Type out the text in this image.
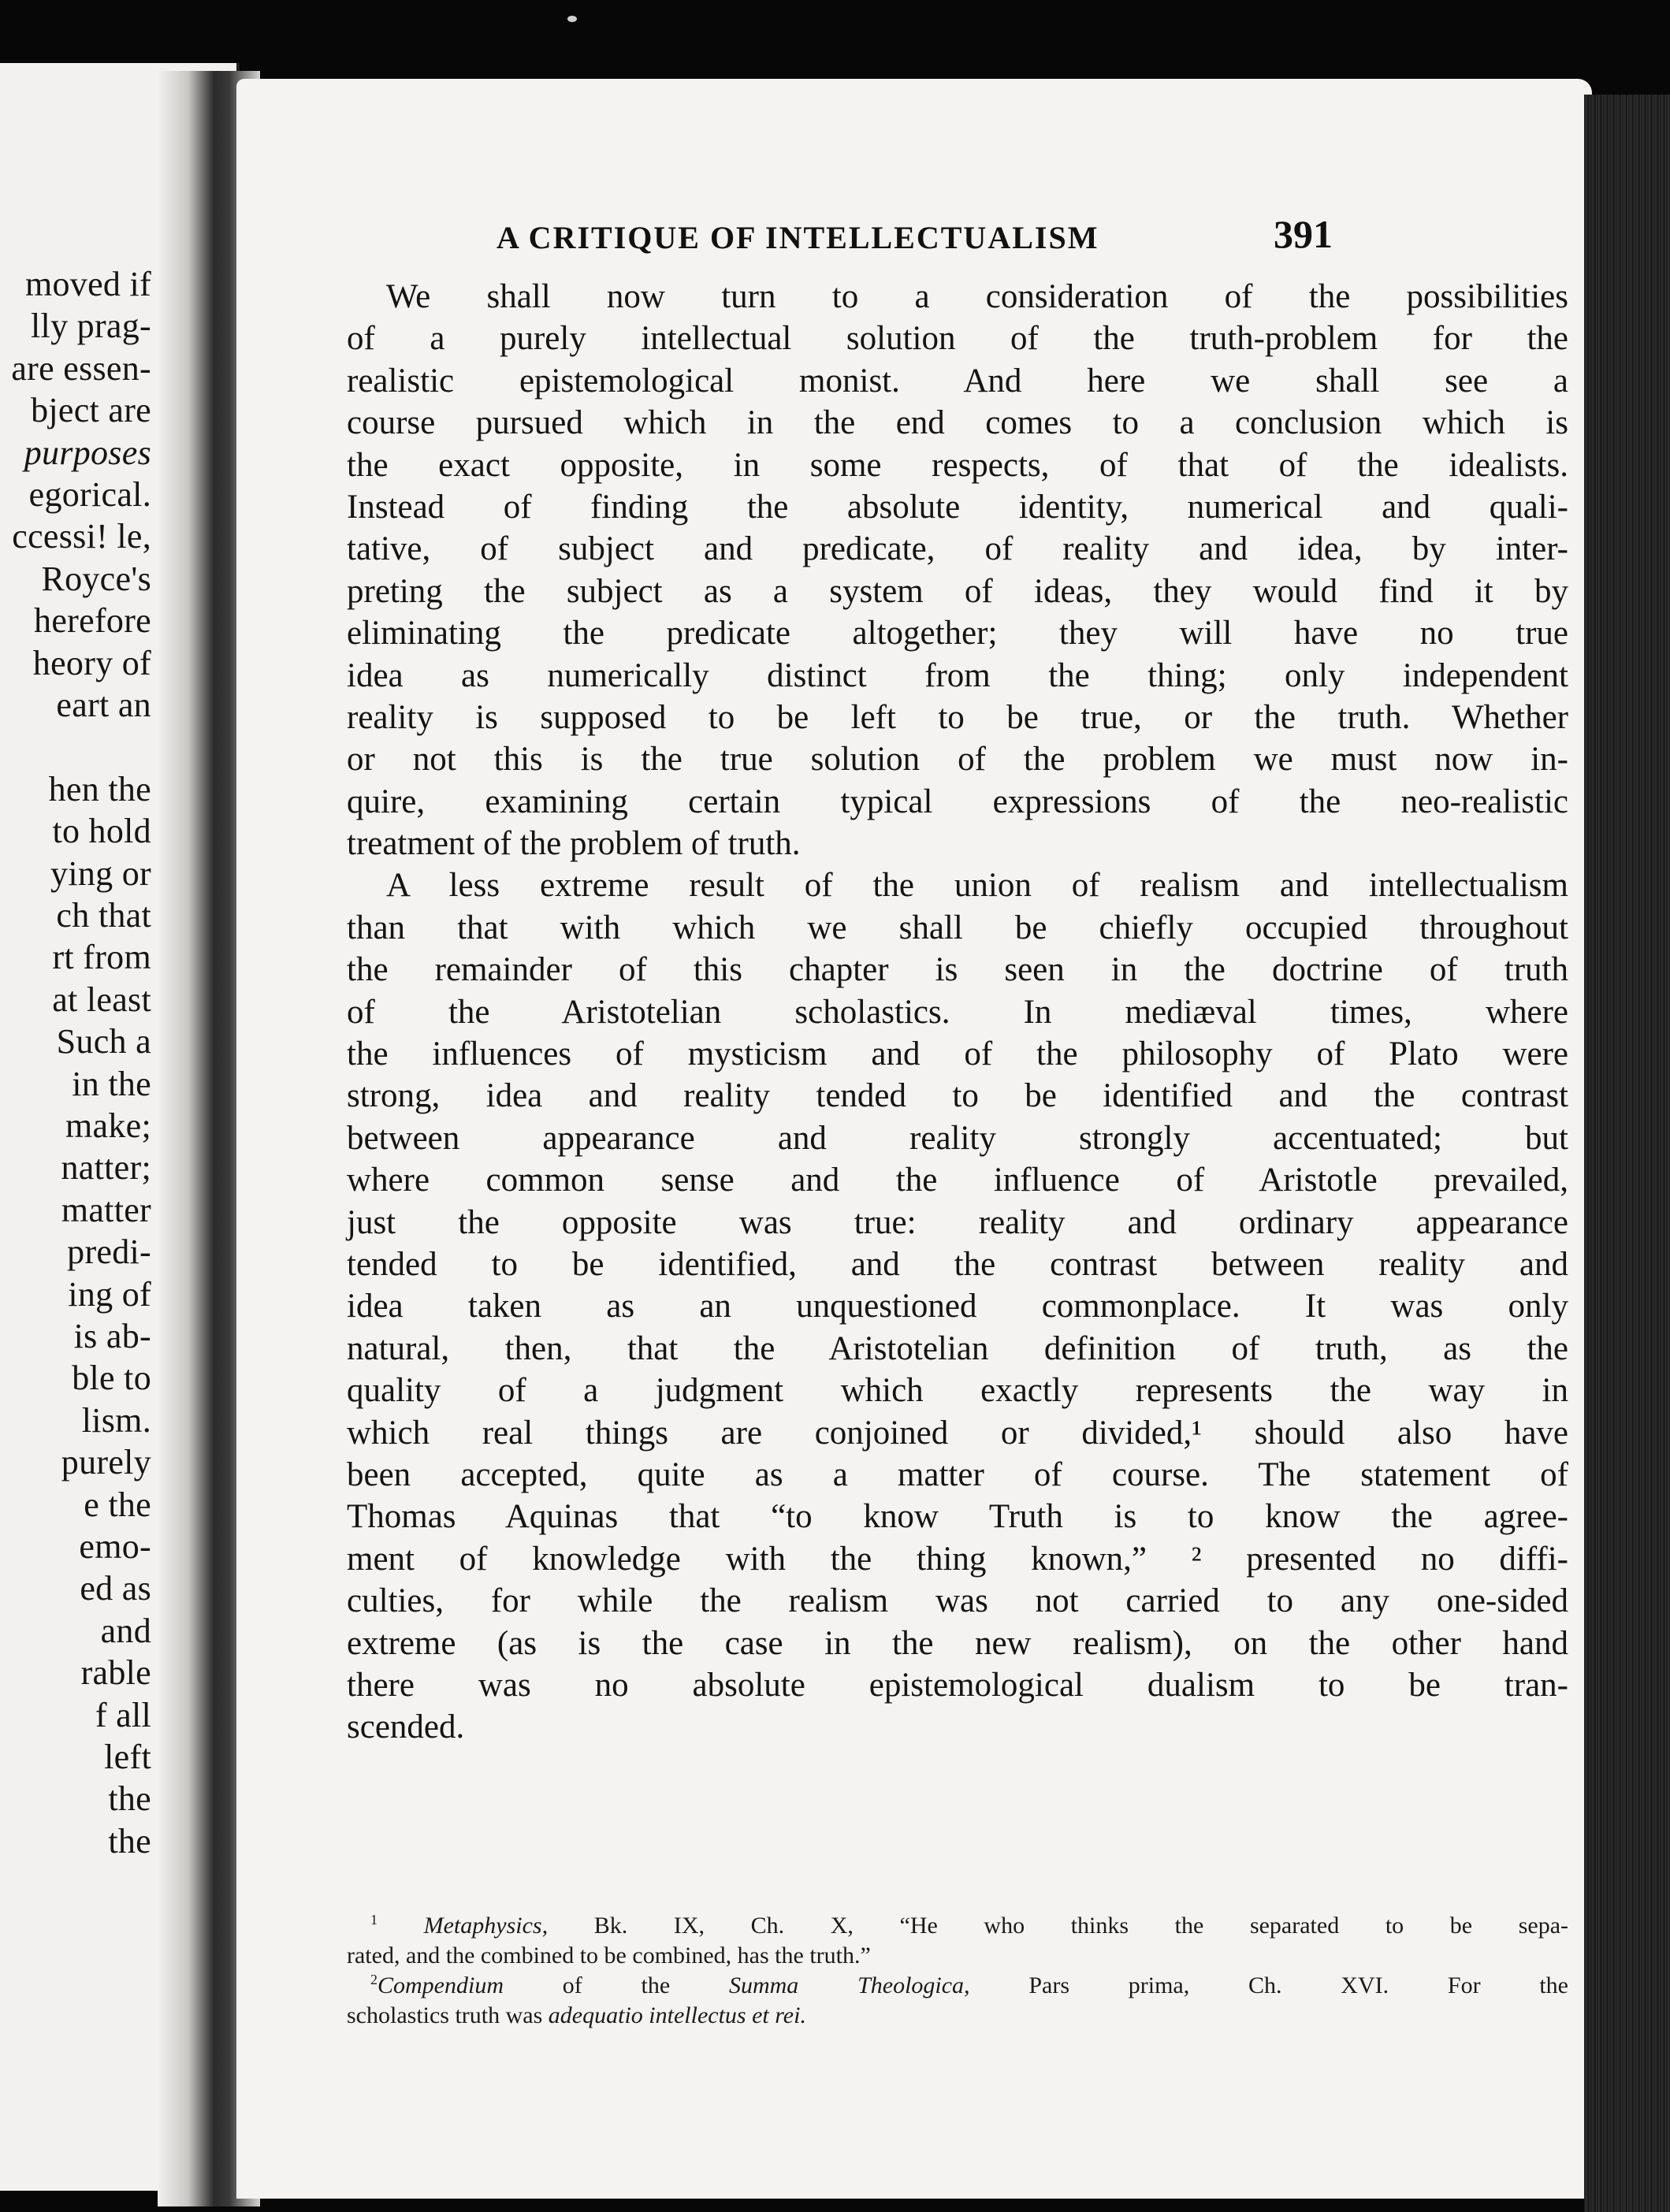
moved if
lly prag-
are essen-
bject are
purposes
egorical.
ccessi! le,
Royce's
herefore
heory of
eart an
hen the
to hold
ying or
ch that
rt from
at least
Such a
in the
make;
natter;
matter
predi-
ing of
is ab-
ble to
lism.
purely
e the
emo-
ed as
and
rable
f all
left
the
the
A CRITIQUE OF INTELLECTUALISM	391
We shall now turn to a consideration of the possibilities
of a purely intellectual solution of the truth-problem for the
realistic epistemological monist. And here we shall see a
course pursued which in the end comes to a conclusion which is
the exact opposite, in some respects, of that of the idealists.
Instead of finding the absolute identity, numerical and quali-
tative, of subject and predicate, of reality and idea, by inter-
preting the subject as a system of ideas, they would find it by
eliminating the predicate altogether; they will have no true
idea as numerically distinct from the thing; only independent
reality is supposed to be left to be true, or the truth. Whether
or not this is the true solution of the problem we must now in-
quire, examining certain typical expressions of the neo-realistic
treatment of the problem of truth.
A less extreme result of the union of realism and intellectualism
than that with which we shall be chiefly occupied throughout
the remainder of this chapter is seen in the doctrine of truth
of the Aristotelian scholastics. In mediæval times, where
the influences of mysticism and of the philosophy of Plato were
strong, idea and reality tended to be identified and the contrast
between appearance and reality strongly accentuated; but
where common sense and the influence of Aristotle prevailed,
just the opposite was true: reality and ordinary appearance
tended to be identified, and the contrast between reality and
idea taken as an unquestioned commonplace. It was only
natural, then, that the Aristotelian definition of truth, as the
quality of a judgment which exactly represents the way in
which real things are conjoined or divided,¹ should also have
been accepted, quite as a matter of course. The statement of
Thomas Aquinas that “to know Truth is to know the agree-
ment of knowledge with the thing known,” ² presented no diffi-
culties, for while the realism was not carried to any one-sided
extreme (as is the case in the new realism), on the other hand
there was no absolute epistemological dualism to be tran-
scended.
$^1$ Metaphysics, Bk. IX, Ch. X, “He who thinks the separated to be sepa-
rated, and the combined to be combined, has the truth.”
$^2$Compendium of the Summa Theologica, Pars prima, Ch. XVI. For the
scholastics truth was adequatio intellectus et rei.
